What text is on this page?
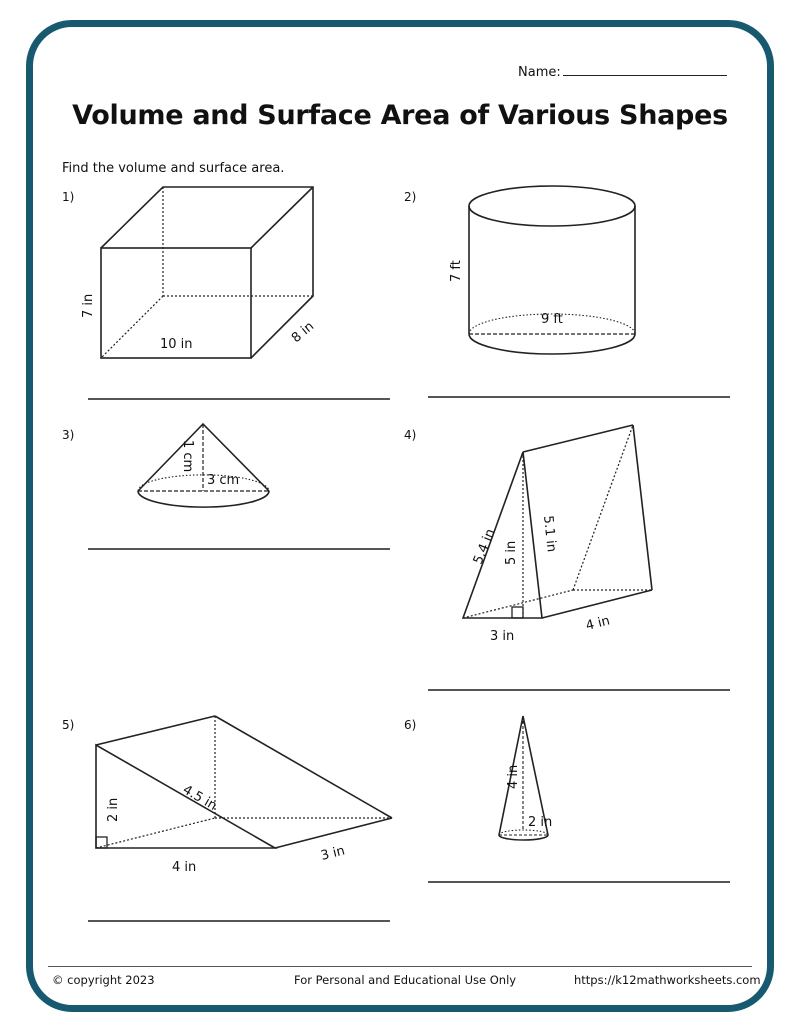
Name:
Volume and Surface Area of Various Shapes
Find the volume and surface area.
1)	2)
3)	4)
5)	6)
7 in
10 in	8 in
7 ft
9 ft
1 cm
3 cm
5.4 in 5 in 5.1 in
3 in
4 in
2 in	4.5 in
4 in
3 in
4 in
2 in
© copyright 2023	For Personal and Educational Use Only	https://k12mathworksheets.com
